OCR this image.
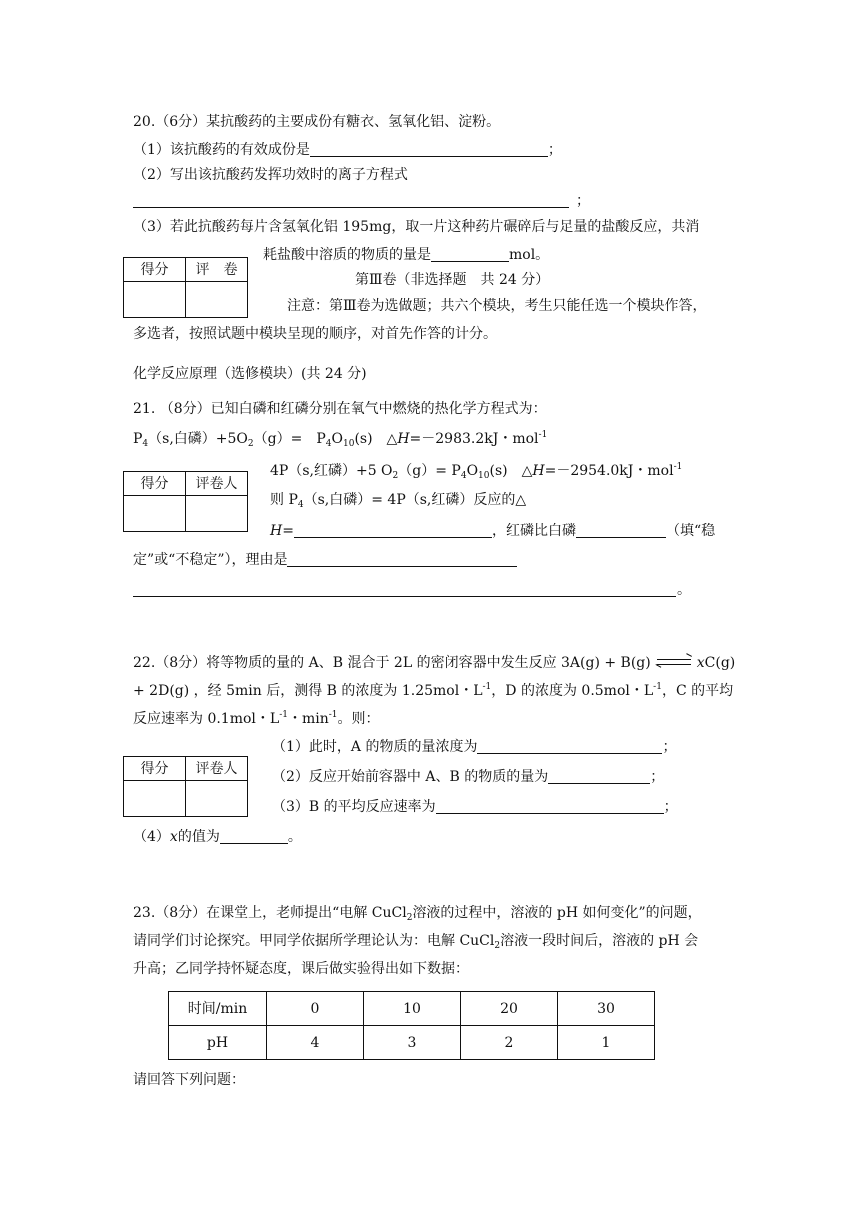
20.（6分）某抗酸药的主要成份有糖衣、氢氧化铝、淀粉。
（1）该抗酸药的有效成份是	；
（2）写出该抗酸药发挥功效时的离子方程式
；
（3）若此抗酸药每片含氢氧化铝 195mg，取一片这种药片碾碎后与足量的盐酸反应，共消
耗盐酸中溶质的物质的量是	mol。
得分	评　卷

第Ⅲ卷（非选择题　共 24 分）
注意：第Ⅲ卷为选做题；共六个模块，考生只能任选一个模块作答，
多选者，按照试题中模块呈现的顺序，对首先作答的计分。
化学反应原理（选修模块）(共 24 分)
21. （8分）已知白磷和红磷分别在氧气中燃烧的热化学方程式为：
$P_4(s$,白磷）$+5O_2(g)=$　$P_4O_{10}(s)$　△H=－2983.2kJ・mol$^{-1}$
4P（s,红磷）+5 $O_2(g)= P_4O_{10}(s)$　△H=－2954.0kJ・mol$^{-1}$
则 $P_4(s$,白磷）= 4P（s,红磷）反应的△
H=	，红磷比白磷	（填“稳
定”或“不稳定”），理由是
。
得分	评卷人

22.（8分）将等物质的量的 A、B 混合于 2L 的密闭容器中发生反应 3A(g) + B(g)	xC(g)
+ 2D(g) ，经 5min 后，测得 B 的浓度为 1.25mol・$L^{-1}$，D 的浓度为 0.5mol・$L^{-1}$，C 的平均
反应速率为 0.1mol・$L^{-1}$・$\min^{-1}$。则：
（1）此时，A 的物质的量浓度为	；
（2）反应开始前容器中 A、B 的物质的量为	；
（3）B 的平均反应速率为	；
（4）x的值为	。
得分	评卷人

23.（8分）在课堂上，老师提出“电解 CuCl$_2$溶液的过程中，溶液的 pH 如何变化”的问题，
请同学们讨论探究。甲同学依据所学理论认为：电解 CuCl$_2$溶液一段时间后，溶液的 pH 会
升高；乙同学持怀疑态度，课后做实验得出如下数据：
时间/min	0	10	20	30
pH	4	3	2	1
请回答下列问题：
